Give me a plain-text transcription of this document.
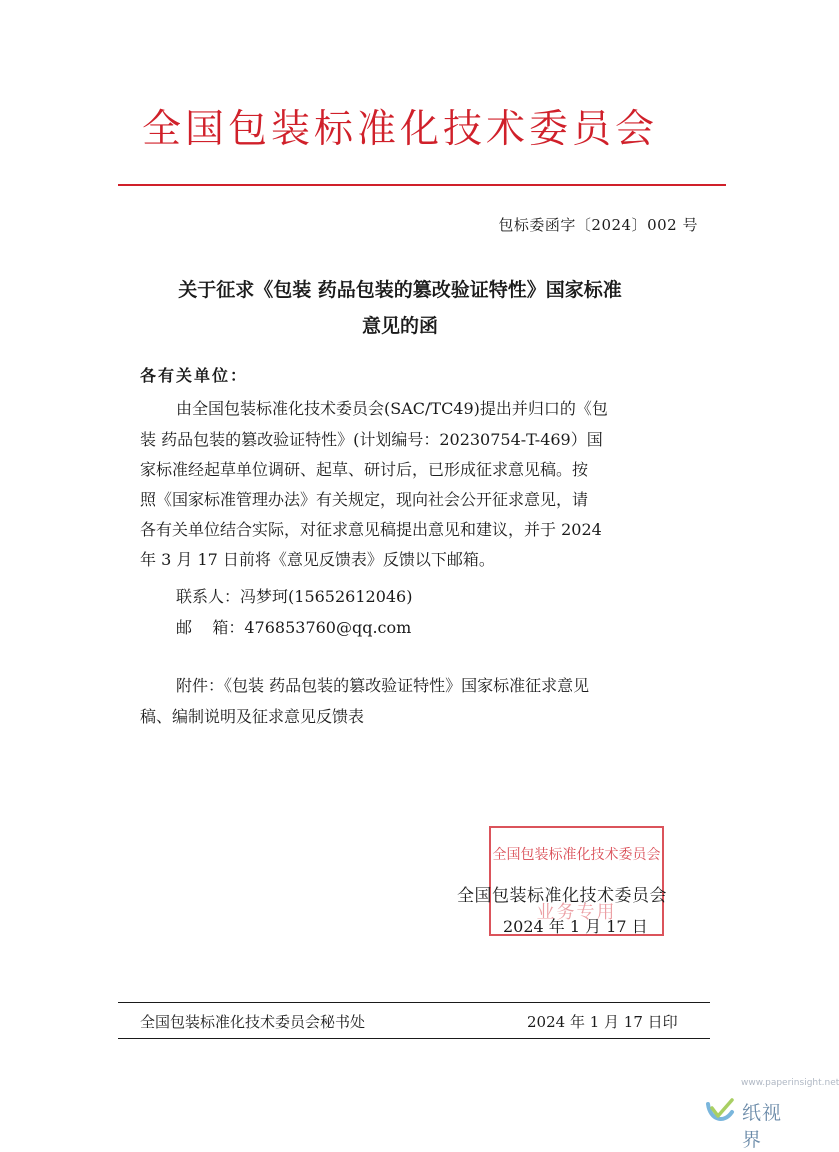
全国包装标准化技术委员会
包标委函字〔2024〕002 号
关于征求《包装 药品包装的篡改验证特性》国家标准
意见的函
各有关单位：
由全国包装标准化技术委员会(SAC/TC49)提出并归口的《包
装 药品包装的篡改验证特性》(计划编号：20230754-T-469）国
家标准经起草单位调研、起草、研讨后，已形成征求意见稿。按
照《国家标准管理办法》有关规定，现向社会公开征求意见，请
各有关单位结合实际，对征求意见稿提出意见和建议，并于 2024
年 3 月 17 日前将《意见反馈表》反馈以下邮箱。
联系人：冯梦珂(15652612046)
邮    箱：476853760@qq.com
附件：《包装 药品包装的篡改验证特性》国家标准征求意见
稿、编制说明及征求意见反馈表
全国包装标准化技术委员会
业务专用
全国包装标准化技术委员会
2024 年 1 月 17 日
全国包装标准化技术委员会秘书处	2024 年 1 月 17 日印
www.paperinsight.net
纸视界
